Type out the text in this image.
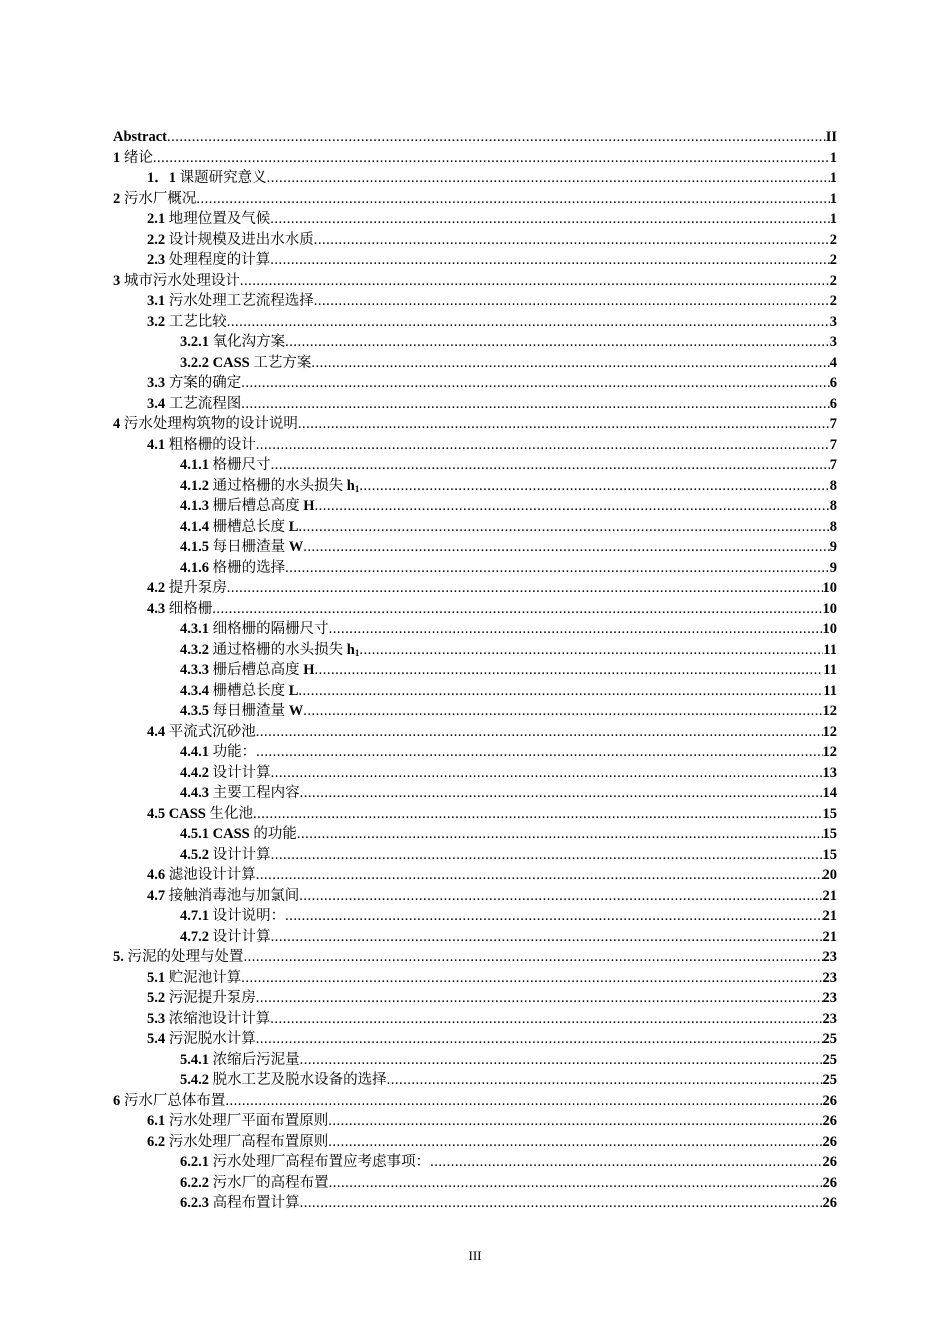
Abstract .....	II
1 绪论 .....	1
1．1 课题研究意义 .....	1
2 污水厂概况 .....	1
2.1 地理位置及气候 .....	1
2.2 设计规模及进出水水质 .....	2
2.3 处理程度的计算 .....	2
3 城市污水处理设计 .....	2
3.1 污水处理工艺流程选择 .....	2
3.2 工艺比较 .....	3
3.2.1 氧化沟方案 .....	3
3.2.2 CASS 工艺方案 .....	4
3.3 方案的确定 .....	6
3.4 工艺流程图 .....	6
4 污水处理构筑物的设计说明 .....	7
4.1 粗格栅的设计 .....	7
4.1.1 格栅尺寸 .....	7
4.1.2 通过格栅的水头损失 $h_1$ .....	8
4.1.3 栅后槽总高度 H .....	8
4.1.4 栅槽总长度 L .....	8
4.1.5 每日栅渣量 W .....	9
4.1.6 格栅的选择 .....	9
4.2 提升泵房 .....	10
4.3 细格栅 .....	10
4.3.1 细格栅的隔栅尺寸 .....	10
4.3.2 通过格栅的水头损失 $h_1$ .....	11
4.3.3 栅后槽总高度 H .....	11
4.3.4 栅槽总长度 L .....	11
4.3.5 每日栅渣量 W .....	12
4.4 平流式沉砂池 .....	12
4.4.1 功能： .....	12
4.4.2 设计计算 .....	13
4.4.3 主要工程内容 .....	14
4.5 CASS 生化池 .....	15
4.5.1 CASS 的功能 .....	15
4.5.2 设计计算 .....	15
4.6 滤池设计计算 .....	20
4.7 接触消毒池与加氯间 .....	21
4.7.1 设计说明： .....	21
4.7.2 设计计算 .....	21
5. 污泥的处理与处置 .....	23
5.1 贮泥池计算 .....	23
5.2 污泥提升泵房 .....	23
5.3 浓缩池设计计算 .....	23
5.4 污泥脱水计算 .....	25
5.4.1 浓缩后污泥量 .....	25
5.4.2 脱水工艺及脱水设备的选择 .....	25
6 污水厂总体布置 .....	26
6.1 污水处理厂平面布置原则 .....	26
6.2 污水处理厂高程布置原则 .....	26
6.2.1 污水处理厂高程布置应考虑事项： .....	26
6.2.2 污水厂的高程布置 .....	26
6.2.3 高程布置计算 .....	26
III
